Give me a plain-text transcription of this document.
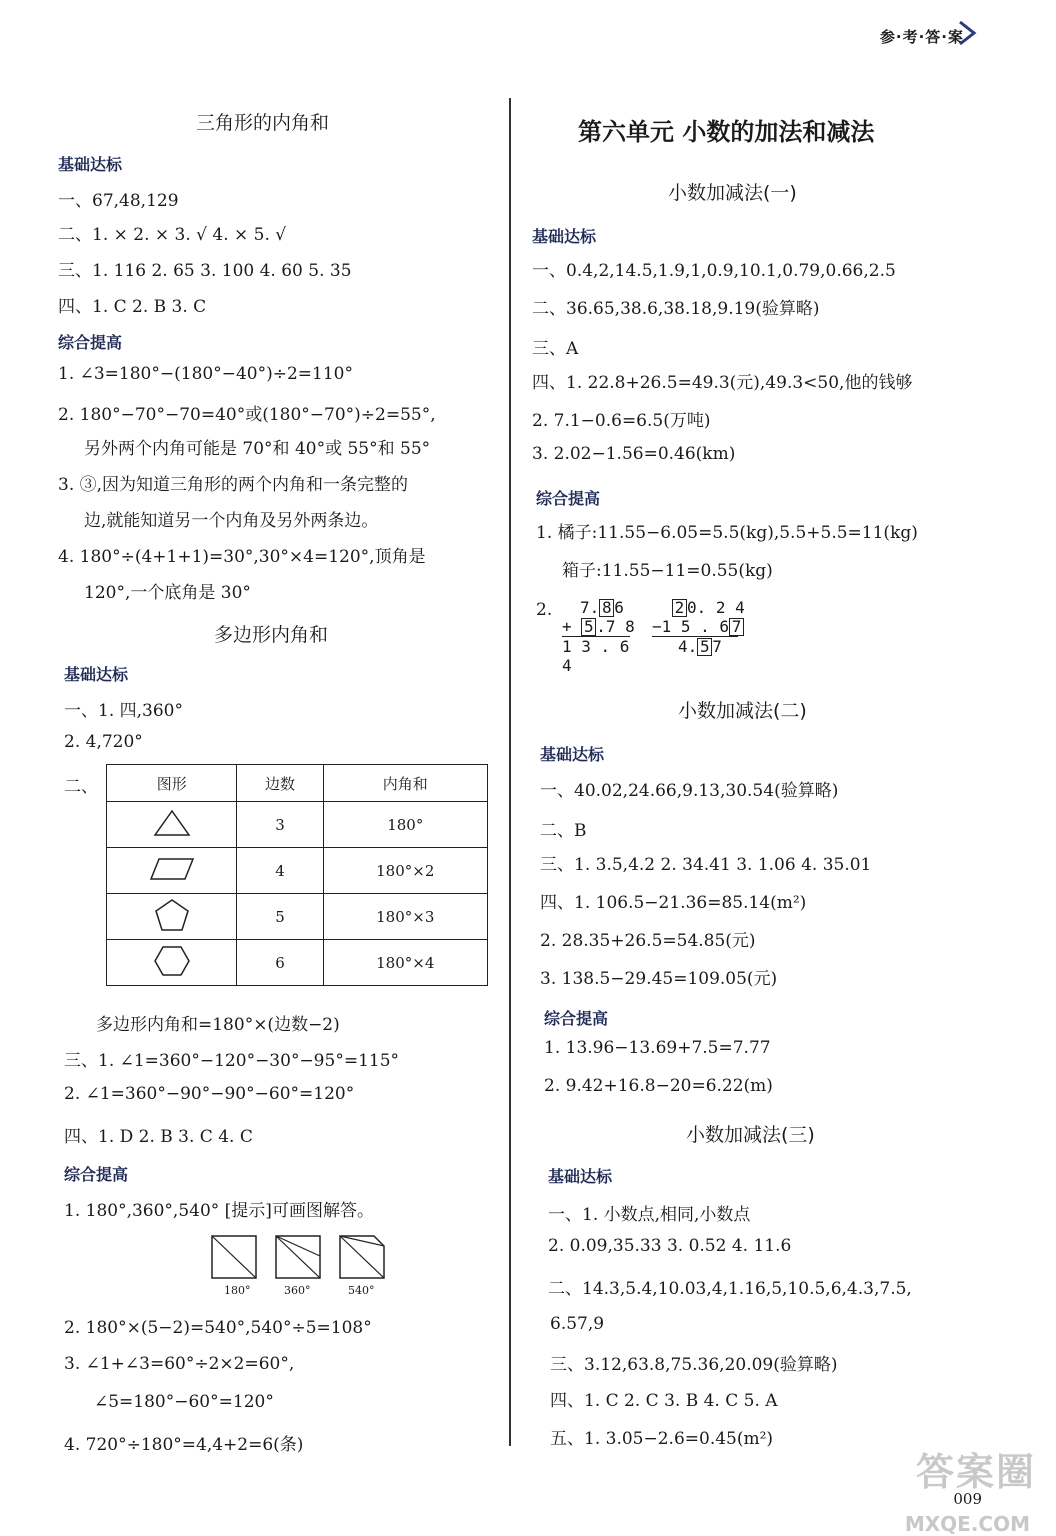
参·考·答·案
三角形的内角和
基础达标
一、67,48,129
二、1. × 2. × 3. √ 4. × 5. √
三、1. 116 2. 65 3. 100 4. 60 5. 35
四、1. C 2. B 3. C
综合提高
1. ∠3=180°−(180°−40°)÷2=110°
2. 180°−70°−70=40°或(180°−70°)÷2=55°,
另外两个内角可能是 70°和 40°或 55°和 55°
3. ③,因为知道三角形的两个内角和一条完整的
边,就能知道另一个内角及另外两条边。
4. 180°÷(4+1+1)=30°,30°×4=120°,顶角是
120°,一个底角是 30°
多边形内角和
基础达标
一、1. 四,360°
2. 4,720°
二、	图形	边数	内角和
	3	180°
	4	180°×2
	5	180°×3
	6	180°×4
多边形内角和=180°×(边数−2)
三、1. ∠1=360°−120°−30°−95°=115°
2. ∠1=360°−90°−90°−60°=120°
四、1. D 2. B 3. C 4. C
综合提高
1. 180°,360°,540° [提示]可画图解答。
180°	360°	540°
2. 180°×(5−2)=540°,540°÷5=108°
3. ∠1+∠3=60°÷2×2=60°,
∠5=180°−60°=120°
4. 720°÷180°=4,4+2=6(条)
第六单元 小数的加法和减法
小数加减法(一)
基础达标
一、0.4,2,14.5,1.9,1,0.9,10.1,0.79,0.66,2.5
二、36.65,38.6,38.18,9.19(验算略)
三、A
四、1. 22.8+26.5=49.3(元),49.3<50,他的钱够
2. 7.1−0.6=6.5(万吨)
3. 2.02−1.56=0.46(km)
综合提高
1. 橘子:11.55−6.05=5.5(kg),5.5+5.5=11(kg)
箱子:11.55−11=0.55(kg)
2.	7. 8 6
+ 5 .7 8
1 3 . 6 4
2 0. 2 4
−1 5 . 6 7
4. 5 7
小数加减法(二)
基础达标
一、40.02,24.66,9.13,30.54(验算略)
二、B
三、1. 3.5,4.2 2. 34.41 3. 1.06 4. 35.01
四、1. 106.5−21.36=85.14(m²)
2. 28.35+26.5=54.85(元)
3. 138.5−29.45=109.05(元)
综合提高
1. 13.96−13.69+7.5=7.77
2. 9.42+16.8−20=6.22(m)
小数加减法(三)
基础达标
一、1. 小数点,相同,小数点
2. 0.09,35.33 3. 0.52 4. 11.6
二、14.3,5.4,10.03,4,1.16,5,10.5,6,4.3,7.5,
6.57,9
三、3.12,63.8,75.36,20.09(验算略)
四、1. C 2. C 3. B 4. C 5. A
五、1. 3.05−2.6=0.45(m²)
009
答案圈
MXQE.COM
